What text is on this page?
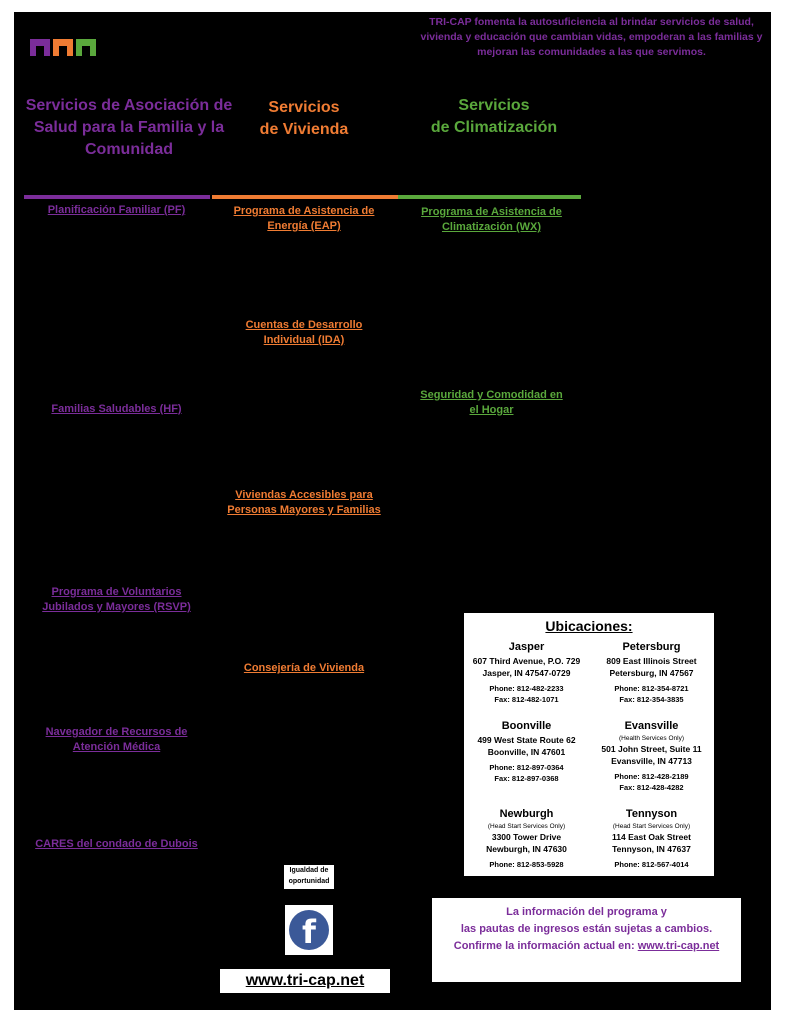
TRI-CAP fomenta la autosuficiencia al brindar servicios de salud, vivienda y educación que cambian vidas, empoderan a las familias y mejoran las comunidades a las que servimos.
Servicios de Asociación de Salud para la Familia y la Comunidad
Servicios
de Vivienda
Servicios
de Climatización
Planificación Familiar (PF)
Familias Saludables (HF)
Programa de Voluntarios Jubilados y Mayores (RSVP)
Navegador de Recursos de Atención Médica
CARES del condado de Dubois
Programa de Asistencia de Energía (EAP)
Cuentas de Desarrollo Individual (IDA)
Viviendas Accesibles para Personas Mayores y Familias
Consejería de Vivienda
Programa de Asistencia de Climatización (WX)
Seguridad y Comodidad en el Hogar
Ubicaciones:
Jasper
607 Third Avenue, P.O. 729
Jasper, IN 47547-0729
Phone: 812-482-2233
Fax: 812-482-1071
Petersburg
809 East Illinois Street
Petersburg, IN 47567
Phone: 812-354-8721
Fax: 812-354-3835
Boonville
499 West State Route 62
Boonville, IN 47601
Phone: 812-897-0364
Fax: 812-897-0368
Evansville
(Health Services Only)
501 John Street, Suite 11
Evansville, IN 47713
Phone: 812-428-2189
Fax: 812-428-4282
Newburgh
(Head Start Services Only)
3300 Tower Drive
Newburgh, IN 47630
Phone: 812-853-5928
Tennyson
(Head Start Services Only)
114 East Oak Street
Tennyson, IN 47637
Phone: 812-567-4014
Igualdad de oportunidad
f
www.tri-cap.net
La información del programa y
las pautas de ingresos están sujetas a cambios.
Confirme la información actual en: www.tri-cap.net
